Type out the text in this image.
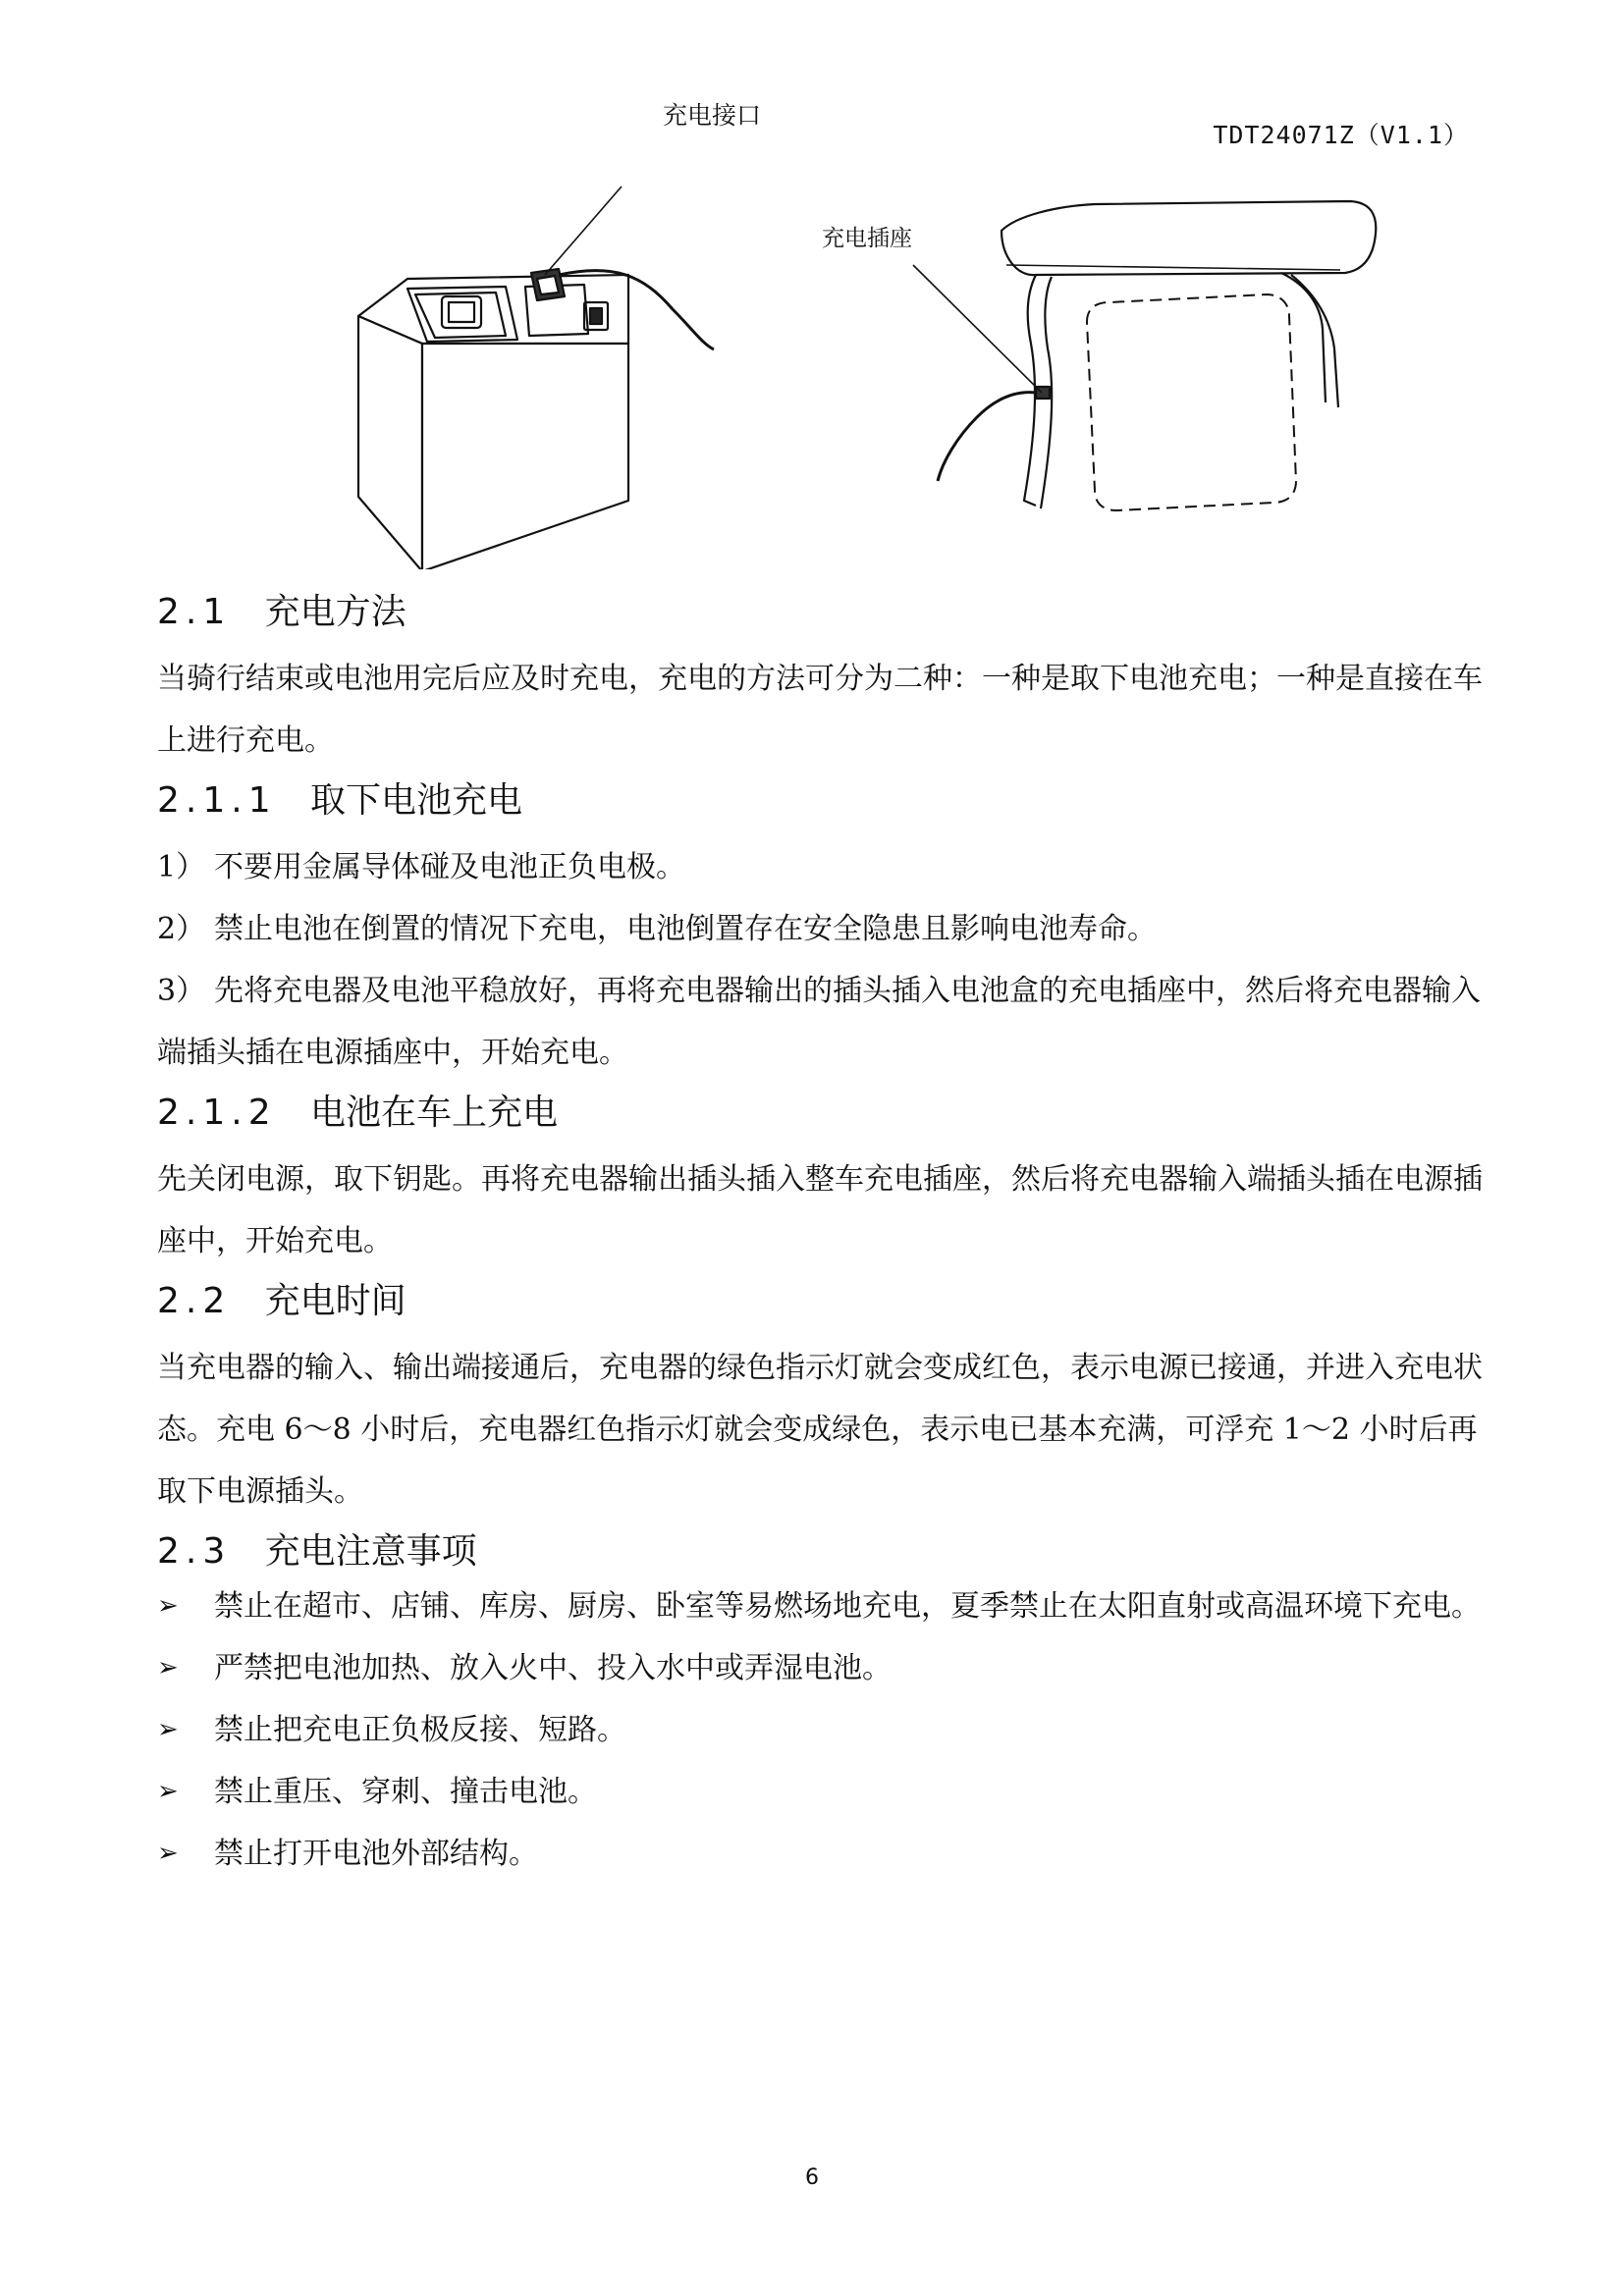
TDT24071Z（V1.1）
充电接口
充电插座
2.1 充电方法

当骑行结束或电池用完后应及时充电，充电的方法可分为二种：一种是取下电池充电；一种是直接在车上进行充电。

2.1.1 取下电池充电

1） 不要用金属导体碰及电池正负电极。

2） 禁止电池在倒置的情况下充电，电池倒置存在安全隐患且影响电池寿命。

3） 先将充电器及电池平稳放好，再将充电器输出的插头插入电池盒的充电插座中，然后将充电器输入端插头插在电源插座中，开始充电。

2.1.2 电池在车上充电

先关闭电源，取下钥匙。再将充电器输出插头插入整车充电插座，然后将充电器输入端插头插在电源插座中，开始充电。

2.2 充电时间

当充电器的输入、输出端接通后，充电器的绿色指示灯就会变成红色，表示电源已接通，并进入充电状态。充电 6～8 小时后，充电器红色指示灯就会变成绿色，表示电已基本充满，可浮充 1～2 小时后再取下电源插头。

2.3 充电注意事项
➢ 禁止在超市、店铺、库房、厨房、卧室等易燃场地充电，夏季禁止在太阳直射或高温环境下充电。
➢ 严禁把电池加热、放入火中、投入水中或弄湿电池。
➢ 禁止把充电正负极反接、短路。
➢ 禁止重压、穿刺、撞击电池。
➢ 禁止打开电池外部结构。
6
